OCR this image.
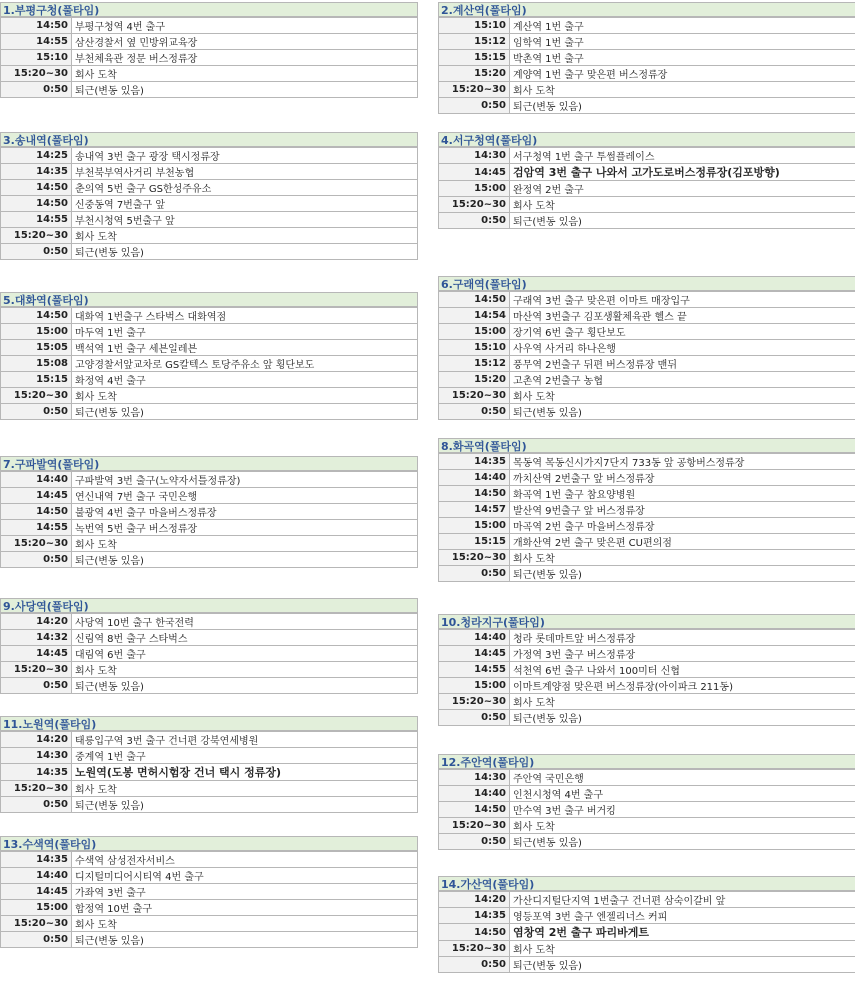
1.부평구청(풀타임)
14:50	부평구청역 4번 출구
14:55	삼산경찰서 옆 민방위교육장
15:10	부천체육관 정문 버스정류장
15:20~30	회사 도착
0:50	퇴근(변동 있음)
3.송내역(풀타임)
14:25	송내역 3번 출구 광장 택시정류장
14:35	부천북부역사거리 부천농협
14:50	춘의역 5번 출구 GS한성주유소
14:50	신중동역 7번출구 앞
14:55	부천시청역 5번출구 앞
15:20~30	회사 도착
0:50	퇴근(변동 있음)
5.대화역(풀타임)
14:50	대화역 1번출구 스타벅스 대화역점
15:00	마두역 1번 출구
15:05	백석역 1번 출구 세븐일레븐
15:08	고양경찰서앞교차로 GS칼텍스 토당주유소 앞 횡단보도
15:15	화정역 4번 출구
15:20~30	회사 도착
0:50	퇴근(변동 있음)
7.구파발역(풀타임)
14:40	구파발역 3번 출구(노약자서틀정류장)
14:45	연신내역 7번 출구 국민은행
14:50	불광역 4번 출구 마을버스정류장
14:55	녹번역 5번 출구 버스정류장
15:20~30	회사 도착
0:50	퇴근(변동 있음)
9.사당역(풀타임)
14:20	사당역 10번 출구 한국전력
14:32	신림역 8번 출구 스타벅스
14:45	대림역 6번 출구
15:20~30	회사 도착
0:50	퇴근(변동 있음)
11.노원역(풀타임)
14:20	태릉입구역 3번 출구 건너편 강북연세병원
14:30	중계역 1번 출구
14:35	노원역(도봉 면허시험장 건너 택시 정류장)
15:20~30	회사 도착
0:50	퇴근(변동 있음)
13.수색역(풀타임)
14:35	수색역 삼성전자서비스
14:40	디지털미디어시티역 4번 출구
14:45	가좌역 3번 출구
15:00	합정역 10번 출구
15:20~30	회사 도착
0:50	퇴근(변동 있음)
2.계산역(풀타임)
15:10	계산역 1번 출구
15:12	임학역 1번 출구
15:15	박촌역 1번 출구
15:20	계양역 1번 출구 맞은편 버스정류장
15:20~30	회사 도착
0:50	퇴근(변동 있음)
4.서구청역(풀타임)
14:30	서구청역 1번 출구 투썸플레이스
14:45	검암역 3번 출구 나와서 고가도로버스정류장(김포방향)
15:00	완정역 2번 출구
15:20~30	회사 도착
0:50	퇴근(변동 있음)
6.구래역(풀타임)
14:50	구래역 3번 출구 맞은편 이마트 매장입구
14:54	마산역 3번출구 김포생활체육관 헬스 끝
15:00	장기역 6번 출구 횡단보도
15:10	사우역 사거리 하나은행
15:12	풍무역 2번출구 뒤편 버스정류장 맨뒤
15:20	고촌역 2번출구 농협
15:20~30	회사 도착
0:50	퇴근(변동 있음)
8.화곡역(풀타임)
14:35	목동역 목동신시가지7단지 733동 앞 공항버스정류장
14:40	까치산역 2번출구 앞 버스정류장
14:50	화곡역 1번 출구 참요양병원
14:57	발산역 9번출구 앞 버스정류장
15:00	마곡역 2번 출구 마을버스정류장
15:15	개화산역 2번 출구 맞은편 CU편의점
15:20~30	회사 도착
0:50	퇴근(변동 있음)
10.청라지구(풀타임)
14:40	청라 롯데마트앞 버스정류장
14:45	가정역 3번 출구 버스정류장
14:55	석천역 6번 출구 나와서 100미터 신협
15:00	이마트계양점 맞은편 버스정류장(아이파크 211동)
15:20~30	회사 도착
0:50	퇴근(변동 있음)
12.주안역(풀타임)
14:30	주안역 국민은행
14:40	인천시청역 4번 출구
14:50	만수역 3번 출구 버거킹
15:20~30	회사 도착
0:50	퇴근(변동 있음)
14.가산역(풀타임)
14:20	가산디지털단지역 1번출구 건너편 삼숙이갈비 앞
14:35	영등포역 3번 출구 엔젤리너스 커피
14:50	염창역 2번 출구 파리바게트
15:20~30	회사 도착
0:50	퇴근(변동 있음)
